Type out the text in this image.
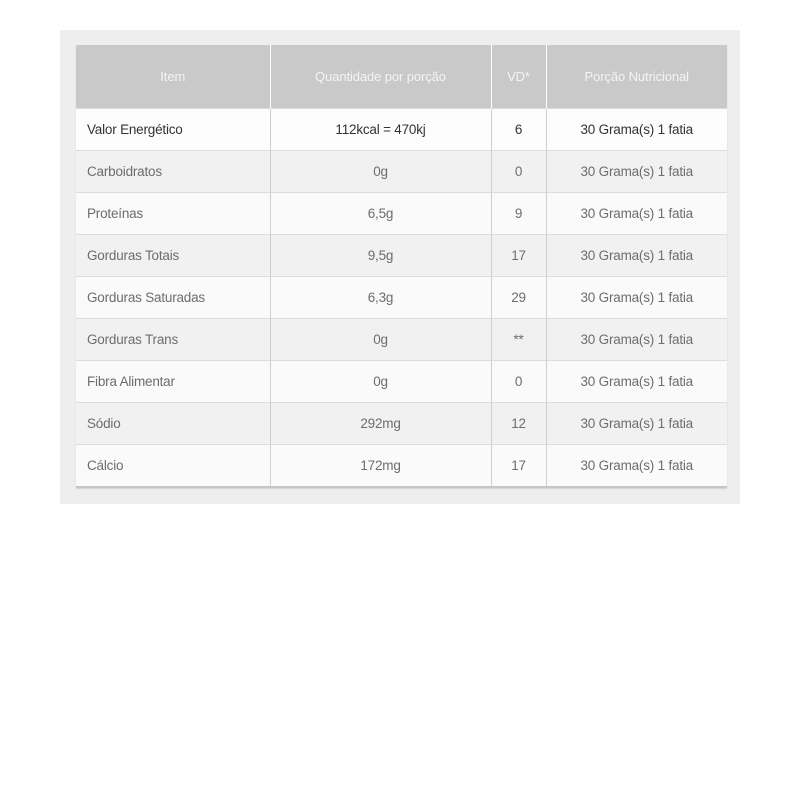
Item	Quantidade por porção	VD*	Porção Nutricional
Valor Energético	112kcal = 470kj	6	30 Grama(s) 1 fatia
Carboidratos	0g	0	30 Grama(s) 1 fatia
Proteínas	6,5g	9	30 Grama(s) 1 fatia
Gorduras Totais	9,5g	17	30 Grama(s) 1 fatia
Gorduras Saturadas	6,3g	29	30 Grama(s) 1 fatia
Gorduras Trans	0g	**	30 Grama(s) 1 fatia
Fibra Alimentar	0g	0	30 Grama(s) 1 fatia
Sódio	292mg	12	30 Grama(s) 1 fatia
Cálcio	172mg	17	30 Grama(s) 1 fatia
